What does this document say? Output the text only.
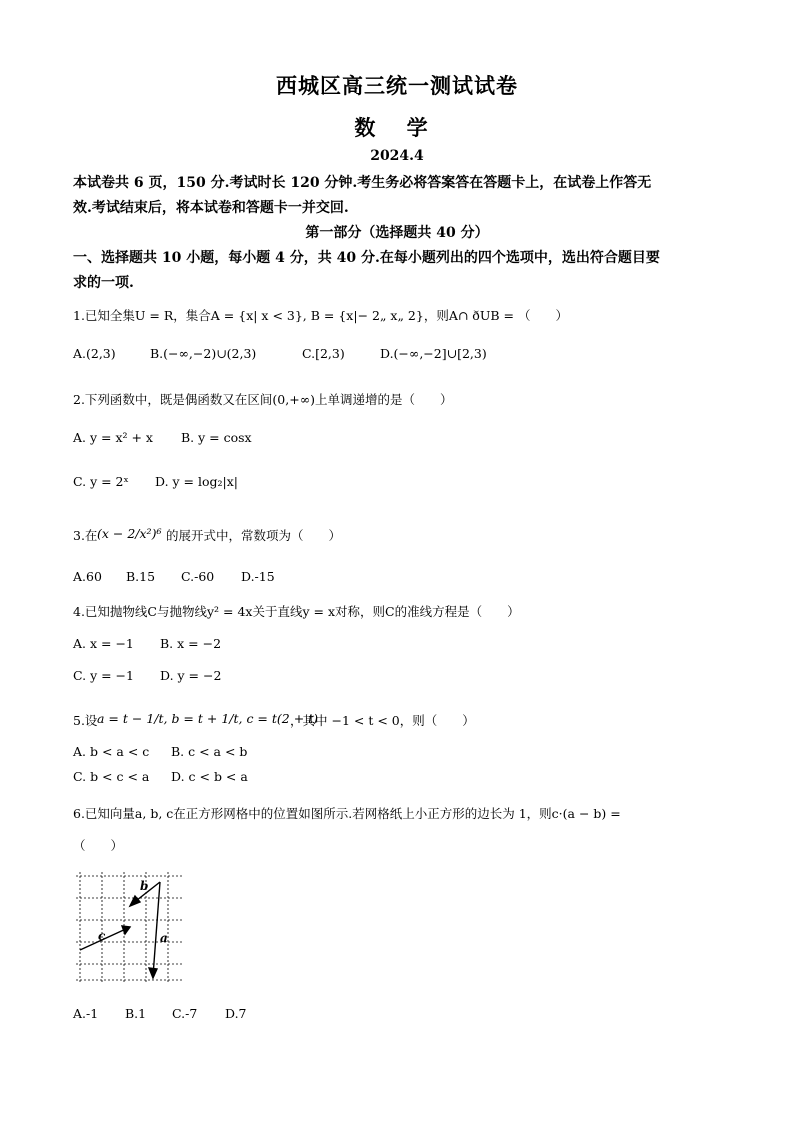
西城区高三统一测试试卷
数 学
2024.4
本试卷共 6 页，150 分.考试时长 120 分钟.考生务必将答案答在答题卡上，在试卷上作答无
效.考试结束后，将本试卷和答题卡一并交回.
第一部分（选择题共 40 分）
一、选择题共 10 小题，每小题 4 分，共 40 分.在每小题列出的四个选项中，选出符合题目要
求的一项.
1.已知全集U = R，集合A = {x| x < 3}, B = {x|− 2„ x„ 2}，则A∩ ðUB = （　　）
A.(2,3)	B.(−∞,−2)∪(2,3)	C.[2,3)	D.(−∞,−2]∪[2,3)
2.下列函数中，既是偶函数又在区间(0,+∞)上单调递增的是（　　）
A. y = x² + x B. y = cosx
C. y = 2ˣ D. y = log₂|x|
3.在 (x − 2/x²)⁶ 的展开式中，常数项为（　　）
A.60 B.15 C.-60 D.-15
4.已知抛物线C与抛物线y² = 4x关于直线y = x对称，则C的准线方程是（　　）
A. x = −1 B. x = −2
C. y = −1 D. y = −2
5.设 a = t − 1/t, b = t + 1/t, c = t(2 + t)
，其中 −1 < t < 0，则（　　）
A. b < a < c B. c < a < b
C. b < c < a D. c < b < a
6.已知向量a, b, c在正方形网格中的位置如图所示.若网格纸上小正方形的边长为 1，则c·(a − b) =
（　　）
b
c	a
A.-1 B.1 C.-7 D.7
